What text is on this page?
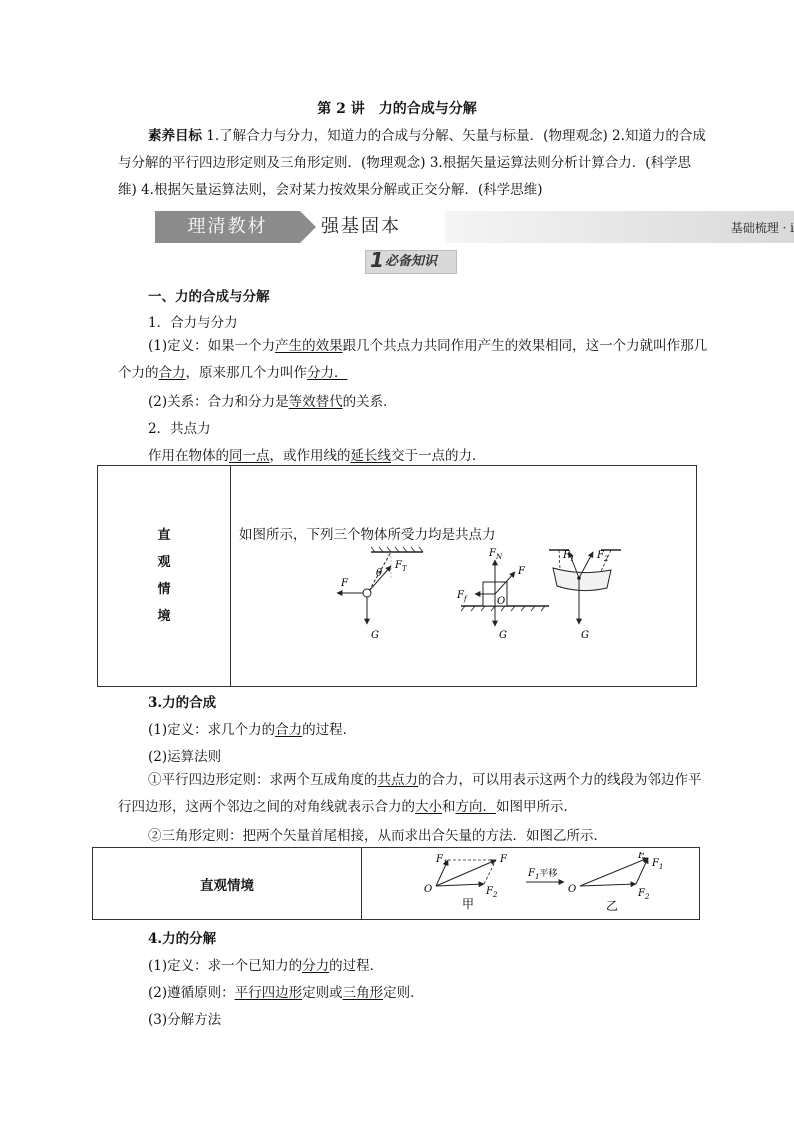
第 2 讲　力的合成与分解
素养目标 1.了解合力与分力，知道力的合成与分解、矢量与标量．(物理观念) 2.知道力的合成与分解的平行四边形定则及三角形定则．(物理观念) 3.根据矢量运算法则分析计算合力．(科学思维) 4.根据矢量运算法则，会对某力按效果分解或正交分解．(科学思维)
理清教材	强基固本	基础梳理 · i
1 必备知识
一、力的合成与分解
1．合力与分力
(1)定义：如果一个力产生的效果跟几个共点力共同作用产生的效果相同，这一个力就叫作那几个力的合力，原来那几个力叫作分力．
(2)关系：合力和分力是等效替代的关系．
2．共点力
作用在物体的同一点，或作用线的延长线交于一点的力．
直
观
情
境

如图所示，下列三个物体所受力均是共点力
F
$F_T$
θ
G
$F_N$
F
$F_f$	O
G
$F_1$ $F_2$
G
3.力的合成
(1)定义：求几个力的合力的过程．
(2)运算法则
①平行四边形定则：求两个互成角度的共点力的合力，可以用表示这两个力的线段为邻边作平行四边形，这两个邻边之间的对角线就表示合力的大小和方向．如图甲所示．
②三角形定则：把两个矢量首尾相接，从而求出合矢量的方法．如图乙所示．
直观情境	
$F_1$	F
O	$F_2$
甲
$F_1$平移
F
$F_1$
O	$F_2$
乙
4.力的分解
(1)定义：求一个已知力的分力的过程．
(2)遵循原则：平行四边形定则或三角形定则．
(3)分解方法
